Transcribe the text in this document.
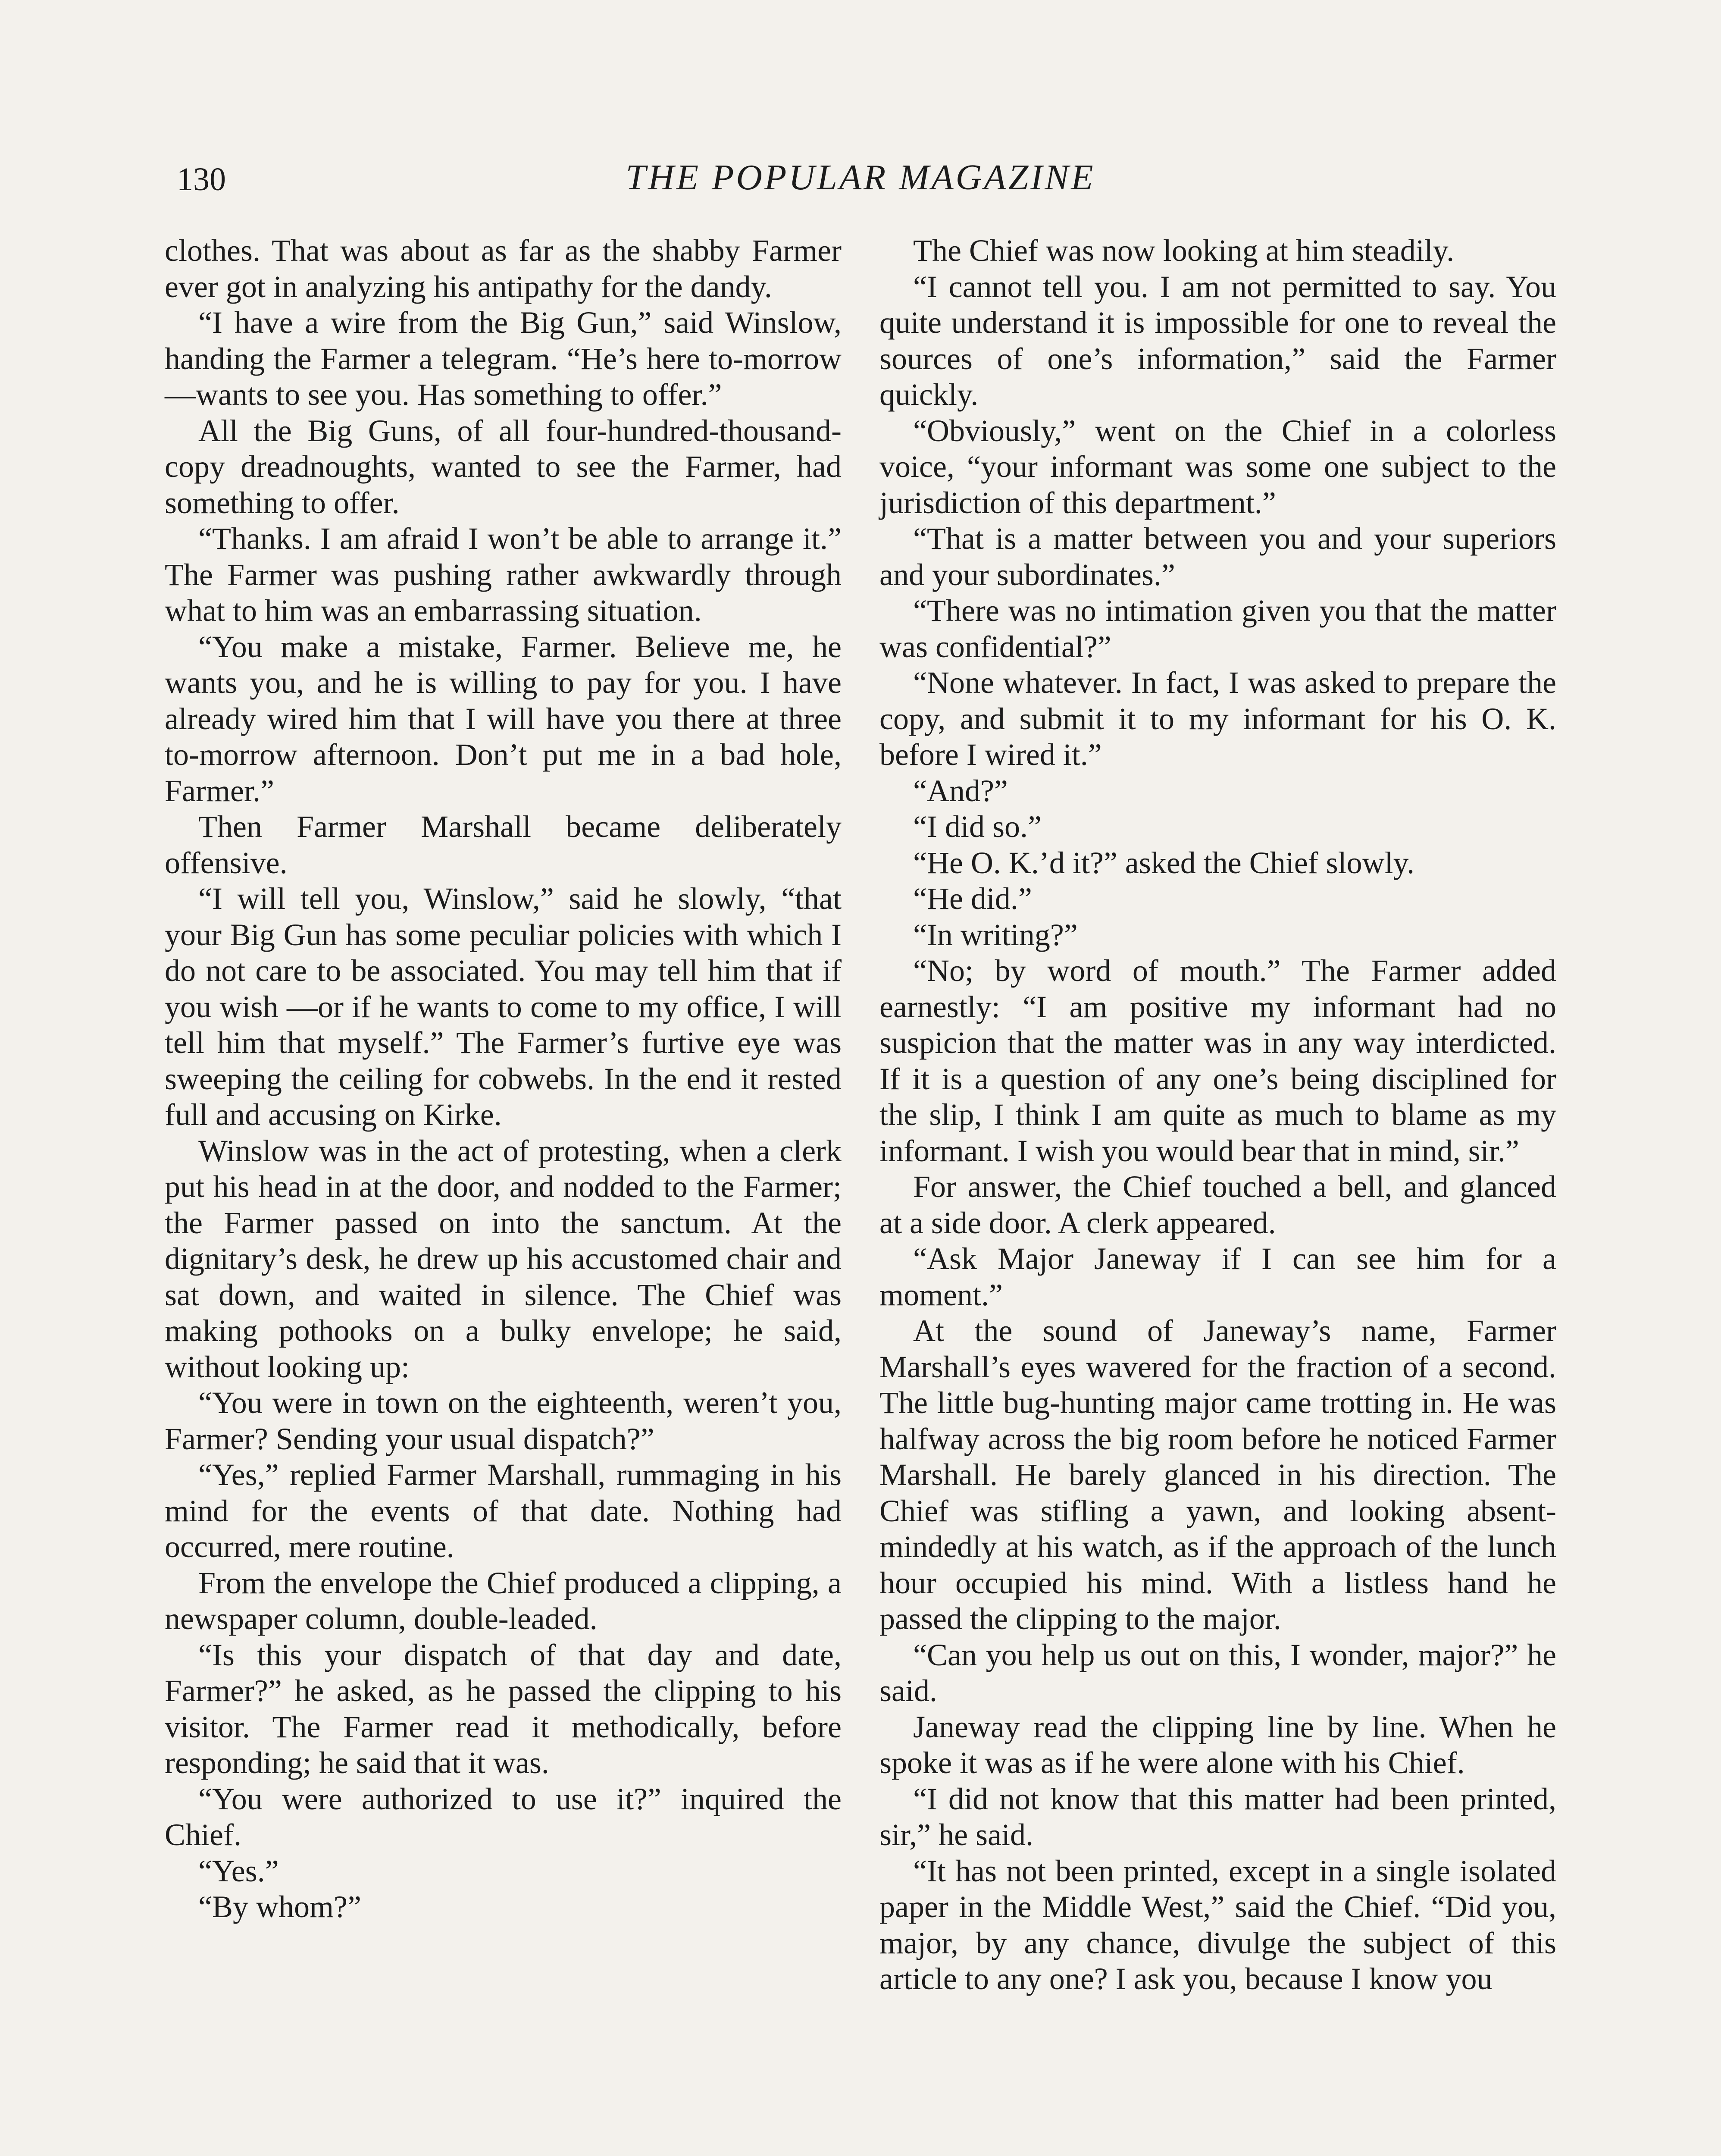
130	THE POPULAR MAGAZINE

clothes. That was about as far as the shabby Farmer ever got in analyzing his antipathy for the dandy.

“I have a wire from the Big Gun,” said Winslow, handing the Farmer a telegram. “He’s here to-morrow—wants to see you. Has something to offer.”

All the Big Guns, of all four-hundred-thousand-copy dreadnoughts, wanted to see the Farmer, had something to offer.

“Thanks. I am afraid I won’t be able to arrange it.” The Farmer was pushing rather awkwardly through what to him was an embarrassing situation.

“You make a mistake, Farmer. Believe me, he wants you, and he is willing to pay for you. I have already wired him that I will have you there at three to-morrow afternoon. Don’t put me in a bad hole, Farmer.”

Then Farmer Marshall became deliberately offensive.

“I will tell you, Winslow,” said he slowly, “that your Big Gun has some peculiar policies with which I do not care to be associated. You may tell him that if you wish —or if he wants to come to my office, I will tell him that myself.” The Farmer’s furtive eye was sweeping the ceiling for cobwebs. In the end it rested full and accusing on Kirke.

Winslow was in the act of protesting, when a clerk put his head in at the door, and nodded to the Farmer; the Farmer passed on into the sanctum. At the dignitary’s desk, he drew up his accustomed chair and sat down, and waited in silence. The Chief was making pothooks on a bulky envelope; he said, without looking up:

“You were in town on the eighteenth, weren’t you, Farmer? Sending your usual dispatch?”

“Yes,” replied Farmer Marshall, rummaging in his mind for the events of that date. Nothing had occurred, mere routine.

From the envelope the Chief produced a clipping, a newspaper column, double-leaded.

“Is this your dispatch of that day and date, Farmer?” he asked, as he passed the clipping to his visitor. The Farmer read it methodically, before responding; he said that it was.

“You were authorized to use it?” inquired the Chief.

“Yes.”

“By whom?”

The Chief was now looking at him steadily.

“I cannot tell you. I am not permitted to say. You quite understand it is impossible for one to reveal the sources of one’s information,” said the Farmer quickly.

“Obviously,” went on the Chief in a colorless voice, “your informant was some one subject to the jurisdiction of this department.”

“That is a matter between you and your superiors and your subordinates.”

“There was no intimation given you that the matter was confidential?”

“None whatever. In fact, I was asked to prepare the copy, and submit it to my informant for his O. K. before I wired it.”

“And?”

“I did so.”

“He O. K.’d it?” asked the Chief slowly.

“He did.”

“In writing?”

“No; by word of mouth.” The Farmer added earnestly: “I am positive my informant had no suspicion that the matter was in any way interdicted. If it is a question of any one’s being disciplined for the slip, I think I am quite as much to blame as my informant. I wish you would bear that in mind, sir.”

For answer, the Chief touched a bell, and glanced at a side door. A clerk appeared.

“Ask Major Janeway if I can see him for a moment.”

At the sound of Janeway’s name, Farmer Marshall’s eyes wavered for the fraction of a second. The little bug-hunting major came trotting in. He was halfway across the big room before he noticed Farmer Marshall. He barely glanced in his direction. The Chief was stifling a yawn, and looking absent-mindedly at his watch, as if the approach of the lunch hour occupied his mind. With a listless hand he passed the clipping to the major.

“Can you help us out on this, I wonder, major?” he said.

Janeway read the clipping line by line. When he spoke it was as if he were alone with his Chief.

“I did not know that this matter had been printed, sir,” he said.

“It has not been printed, except in a single isolated paper in the Middle West,” said the Chief. “Did you, major, by any chance, divulge the subject of this article to any one? I ask you, because I know you
